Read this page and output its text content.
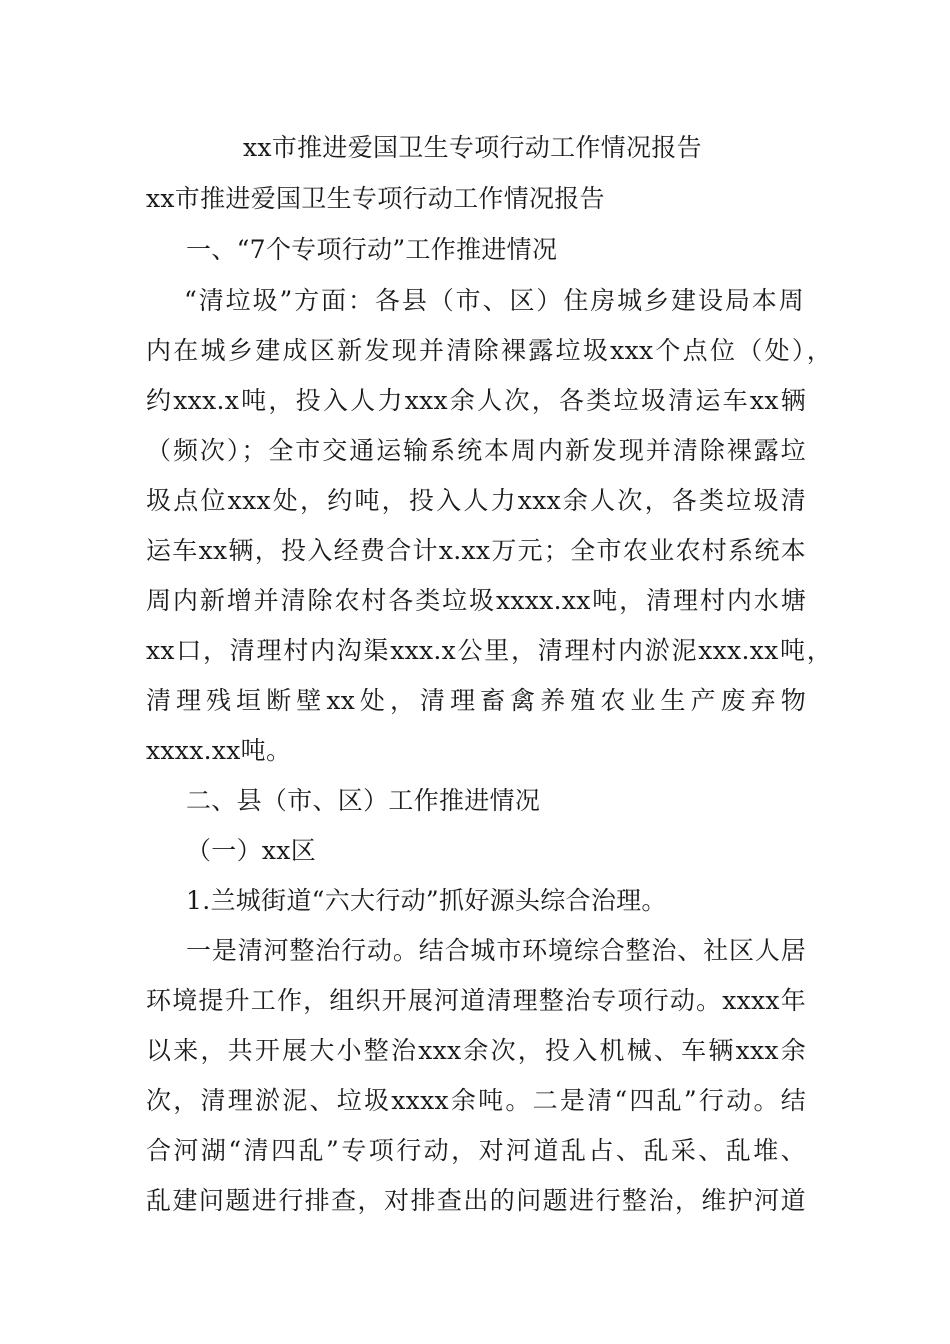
xx市推进爱国卫生专项行动工作情况报告
xx市推进爱国卫生专项行动工作情况报告
一、“7个专项行动”工作推进情况
“清垃圾”方面：各县（市、区）住房城乡建设局本周
内在城乡建成区新发现并清除裸露垃圾xxx个点位（处），
约xxx.x吨，投入人力xxx余人次，各类垃圾清运车xx辆
（频次）；全市交通运输系统本周内新发现并清除裸露垃
圾点位xxx处，约吨，投入人力xxx余人次，各类垃圾清
运车xx辆，投入经费合计x.xx万元；全市农业农村系统本
周内新增并清除农村各类垃圾xxxx.xx吨，清理村内水塘
xx口，清理村内沟渠xxx.x公里，清理村内淤泥xxx.xx吨，
清理残垣断壁xx处，清理畜禽养殖农业生产废弃物
xxxx.xx吨。
二、县（市、区）工作推进情况
（一）xx区
1.兰城街道“六大行动”抓好源头综合治理。
一是清河整治行动。结合城市环境综合整治、社区人居
环境提升工作，组织开展河道清理整治专项行动。xxxx年
以来，共开展大小整治xxx余次，投入机械、车辆xxx余
次，清理淤泥、垃圾xxxx余吨。二是清“四乱”行动。结
合河湖“清四乱”专项行动，对河道乱占、乱采、乱堆、
乱建问题进行排查，对排查出的问题进行整治，维护河道
